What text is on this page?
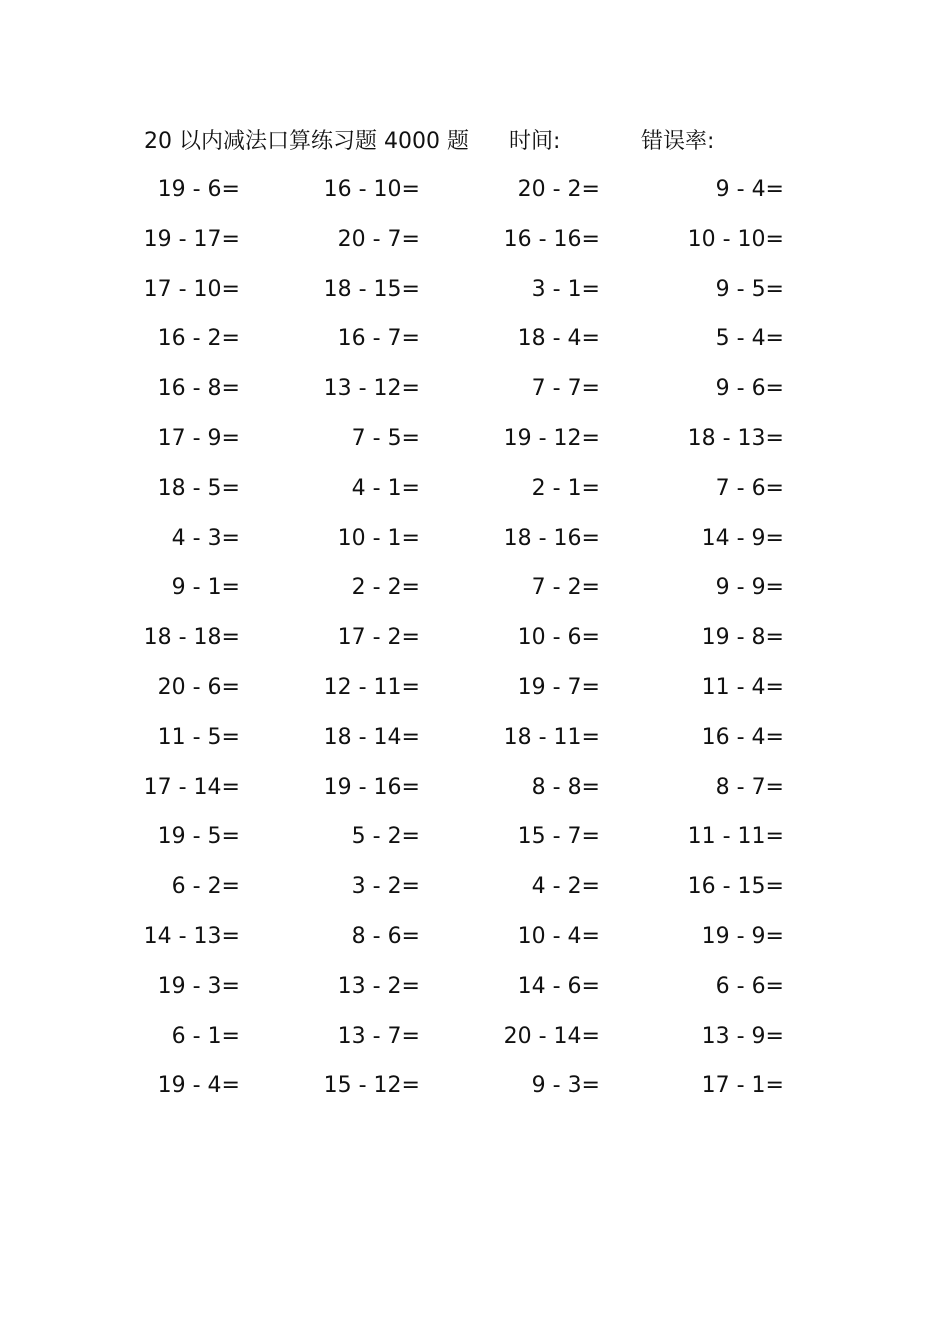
20 以内减法口算练习题 4000 题 时间:	错误率:
19 - 6=	16 - 10=	20 - 2=	9 - 4=
19 - 17=	20 - 7=	16 - 16=	10 - 10=
17 - 10=	18 - 15=	3 - 1=	9 - 5=
16 - 2=	16 - 7=	18 - 4=	5 - 4=
16 - 8=	13 - 12=	7 - 7=	9 - 6=
17 - 9=	7 - 5=	19 - 12=	18 - 13=
18 - 5=	4 - 1=	2 - 1=	7 - 6=
4 - 3=	10 - 1=	18 - 16=	14 - 9=
9 - 1=	2 - 2=	7 - 2=	9 - 9=
18 - 18=	17 - 2=	10 - 6=	19 - 8=
20 - 6=	12 - 11=	19 - 7=	11 - 4=
11 - 5=	18 - 14=	18 - 11=	16 - 4=
17 - 14=	19 - 16=	8 - 8=	8 - 7=
19 - 5=	5 - 2=	15 - 7=	11 - 11=
6 - 2=	3 - 2=	4 - 2=	16 - 15=
14 - 13=	8 - 6=	10 - 4=	19 - 9=
19 - 3=	13 - 2=	14 - 6=	6 - 6=
6 - 1=	13 - 7=	20 - 14=	13 - 9=
19 - 4=	15 - 12=	9 - 3=	17 - 1=
